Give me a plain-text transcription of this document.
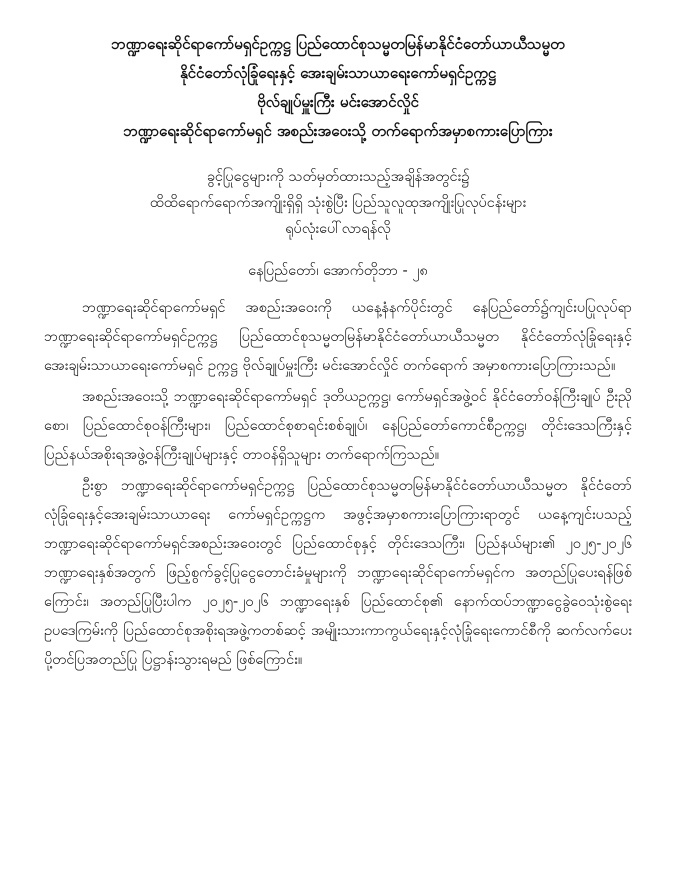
ဘဏ္ဍာရေးဆိုင်ရာကော်မရှင်ဥက္ကဋ္ဌ ပြည်ထောင်စုသမ္မတမြန်မာနိုင်ငံတော်ယာယီသမ္မတ
နိုင်ငံတော်လုံခြုံရေးနှင့် အေးချမ်းသာယာရေးကော်မရှင်ဥက္ကဋ္ဌ
ဗိုလ်ချုပ်မှူးကြီး မင်းအောင်လှိုင်
ဘဏ္ဍာရေးဆိုင်ရာကော်မရှင် အစည်းအဝေးသို့ တက်ရောက်အမှာစကားပြောကြား
ခွင့်ပြုငွေများကို သတ်မှတ်ထားသည့်အချိန်အတွင်း၌
ထိထိရောက်ရောက်အကျိုးရှိရှိ သုံးစွဲပြီး ပြည်သူလူထုအကျိုးပြုလုပ်ငန်းများ
ရုပ်လုံးပေါ်လာရန်လို
နေပြည်တော်၊ အောက်တိုဘာ - ၂၈

ဘဏ္ဍာရေးဆိုင်ရာကော်မရှင် အစည်းအဝေးကို ယနေ့နံနက်ပိုင်းတွင် နေပြည်တော်၌ကျင်းပပြုလုပ်ရာ ဘဏ္ဍာရေးဆိုင်ရာကော်မရှင်ဥက္ကဋ္ဌ ပြည်ထောင်စုသမ္မတမြန်မာနိုင်ငံတော်ယာယီသမ္မတ နိုင်ငံတော်လုံခြုံရေးနှင့်အေးချမ်းသာယာရေးကော်မရှင် ဥက္ကဋ္ဌ ဗိုလ်ချုပ်မှူးကြီး မင်းအောင်လှိုင် တက်ရောက် အမှာစကားပြောကြားသည်။

အစည်းအဝေးသို့ ဘဏ္ဍာရေးဆိုင်ရာကော်မရှင် ဒုတိယဥက္ကဋ္ဌ၊ ကော်မရှင်အဖွဲ့ဝင် နိုင်ငံတော်ဝန်ကြီးချုပ် ဦးညိုစော၊ ပြည်ထောင်စုဝန်ကြီးများ၊ ပြည်ထောင်စုစာရင်းစစ်ချုပ်၊ နေပြည်တော်ကောင်စီဥက္ကဋ္ဌ၊ တိုင်းဒေသကြီးနှင့် ပြည်နယ်အစိုးရအဖွဲ့ဝန်ကြီးချုပ်များနှင့် တာဝန်ရှိသူများ တက်ရောက်ကြသည်။

ဦးစွာ ဘဏ္ဍာရေးဆိုင်ရာကော်မရှင်ဥက္ကဋ္ဌ ပြည်ထောင်စုသမ္မတမြန်မာနိုင်ငံတော်ယာယီသမ္မတ နိုင်ငံတော်လုံခြုံရေးနှင့်အေးချမ်းသာယာရေး ကော်မရှင်ဥက္ကဋ္ဌက အဖွင့်အမှာစကားပြောကြားရာတွင် ယနေ့ကျင်းပသည့် ဘဏ္ဍာရေးဆိုင်ရာကော်မရှင်အစည်းအဝေးတွင် ပြည်ထောင်စုနှင့် တိုင်းဒေသကြီး၊ ပြည်နယ်များ၏ ၂၀၂၅-၂၀၂၆ ဘဏ္ဍာရေးနှစ်အတွက် ဖြည့်စွက်ခွင့်ပြုငွေတောင်းခံမှုများကို ဘဏ္ဍာရေးဆိုင်ရာကော်မရှင်က အတည်ပြုပေးရန်ဖြစ်ကြောင်း၊ အတည်ပြုပြီးပါက ၂၀၂၅-၂၀၂၆ ဘဏ္ဍာရေးနှစ် ပြည်ထောင်စု၏ နောက်ထပ်ဘဏ္ဍာငွေခွဲဝေသုံးစွဲရေးဥပဒေကြမ်းကို ပြည်ထောင်စုအစိုးရအဖွဲ့ကတစ်ဆင့် အမျိုးသားကာကွယ်ရေးနှင့်လုံခြုံရေးကောင်စီကို ဆက်လက်ပေးပို့တင်ပြအတည်ပြု ပြဋ္ဌာန်းသွားရမည် ဖြစ်ကြောင်း။
